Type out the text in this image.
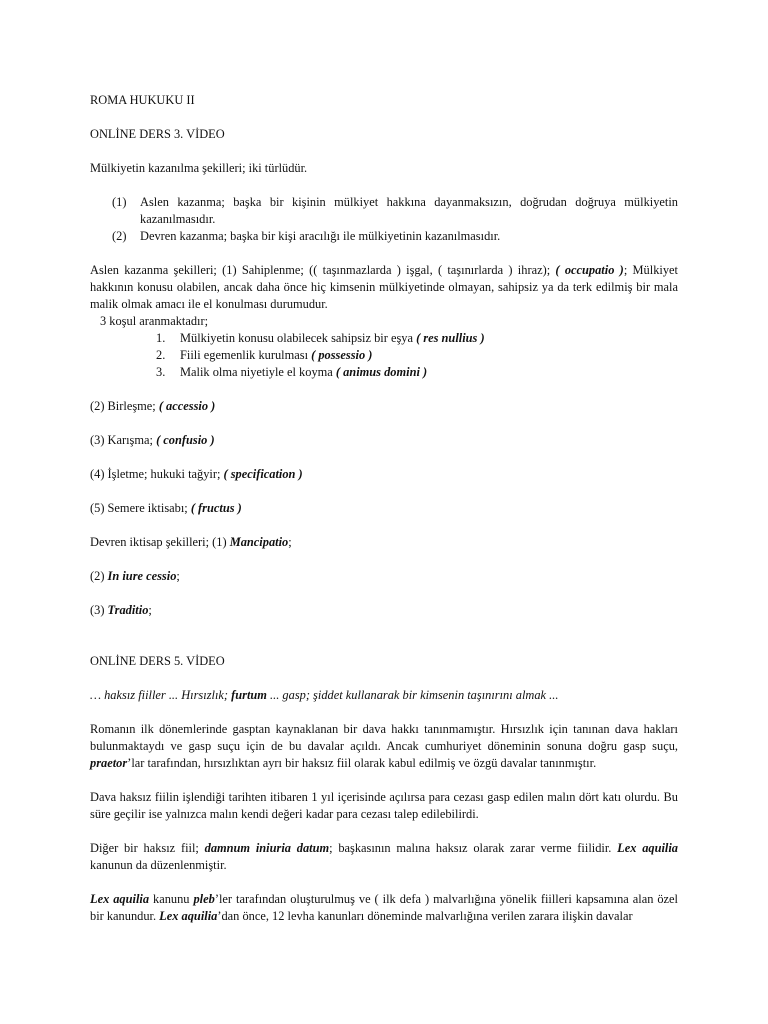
ROMA HUKUKU II

ONLİNE DERS 3. VİDEO

Mülkiyetin kazanılma şekilleri; iki türlüdür.

(1)	Aslen kazanma; başka bir kişinin mülkiyet hakkına dayanmaksızın, doğrudan doğruya mülkiyetin kazanılmasıdır.
(2)	Devren kazanma; başka bir kişi aracılığı ile mülkiyetinin kazanılmasıdır.

Aslen kazanma şekilleri; (1) Sahiplenme; (( taşınmazlarda ) işgal, ( taşınırlarda ) ihraz); ( occupatio ); Mülkiyet hakkının konusu olabilen, ancak daha önce hiç kimsenin mülkiyetinde olmayan, sahipsiz ya da terk edilmiş bir mala malik olmak amacı ile el konulması durumudur.

3 koşul aranmaktadır;

1.	Mülkiyetin konusu olabilecek sahipsiz bir eşya ( res nullius )
2.	Fiili egemenlik kurulması ( possessio )
3.	Malik olma niyetiyle el koyma ( animus domini )

(2) Birleşme; ( accessio )

(3) Karışma; ( confusio )

(4) İşletme; hukuki tağyir; ( specification )

(5) Semere iktisabı; ( fructus )

Devren iktisap şekilleri; (1) Mancipatio;

(2) In iure cessio;

(3) Traditio;

ONLİNE DERS 5. VİDEO

… haksız fiiller ... Hırsızlık; furtum ... gasp; şiddet kullanarak bir kimsenin taşınırını almak ...

Romanın ilk dönemlerinde gasptan kaynaklanan bir dava hakkı tanınmamıştır. Hırsızlık için tanınan dava hakları bulunmaktaydı ve gasp suçu için de bu davalar açıldı. Ancak cumhuriyet döneminin sonuna doğru gasp suçu, praetor’lar tarafından, hırsızlıktan ayrı bir haksız fiil olarak kabul edilmiş ve özgü davalar tanınmıştır.

Dava haksız fiilin işlendiği tarihten itibaren 1 yıl içerisinde açılırsa para cezası gasp edilen malın dört katı olurdu. Bu süre geçilir ise yalnızca malın kendi değeri kadar para cezası talep edilebilirdi.

Diğer bir haksız fiil; damnum iniuria datum; başkasının malına haksız olarak zarar verme fiilidir. Lex aquilia kanunun da düzenlenmiştir.

Lex aquilia kanunu pleb’ler tarafından oluşturulmuş ve ( ilk defa ) malvarlığına yönelik fiilleri kapsamına alan özel bir kanundur. Lex aquilia’dan önce, 12 levha kanunları döneminde malvarlığına verilen zarara ilişkin davalar
